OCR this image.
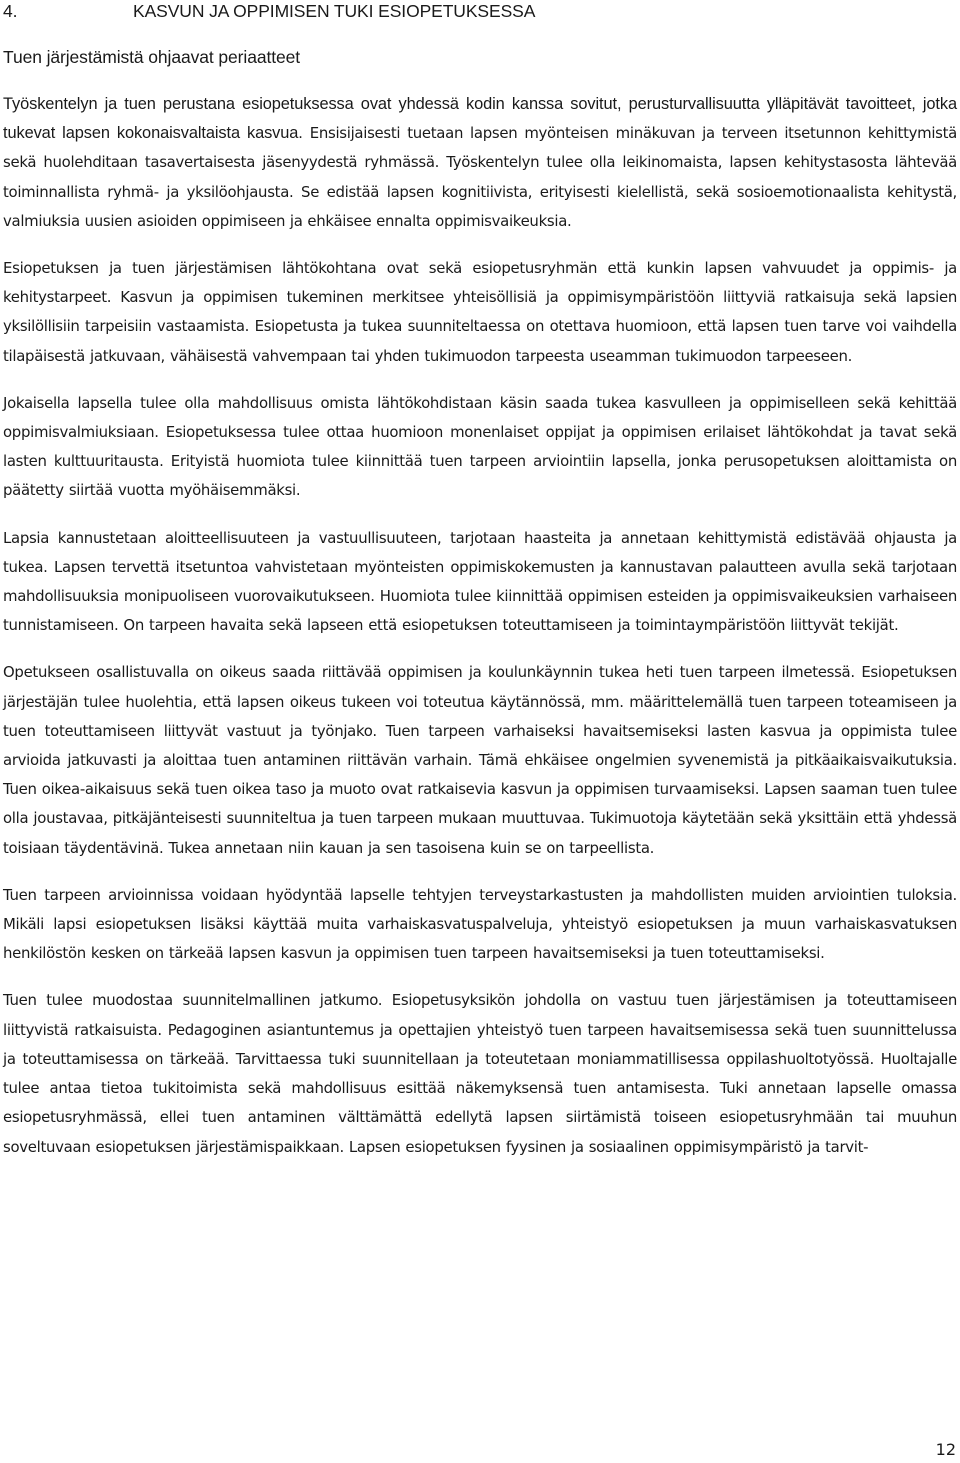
4.	KASVUN JA OPPIMISEN TUKI ESIOPETUKSESSA
Tuen järjestämistä ohjaavat periaatteet

Työskentelyn ja tuen perustana esiopetuksessa ovat yhdessä kodin kanssa sovitut, perusturvallisuutta ylläpitävät tavoitteet, jotka tukevat lapsen kokonaisvaltaista kasvua. Ensisijaisesti tuetaan lapsen myönteisen minäkuvan ja terveen itsetunnon kehittymistä sekä huolehditaan tasavertaisesta jäsenyydestä ryhmässä. Työskentelyn tulee olla leikinomaista, lapsen kehitystasosta lähtevää toiminnallista ryhmä- ja yksilöohjausta. Se edistää lapsen kognitiivista, erityisesti kielellistä, sekä sosioemotionaalista kehitystä, valmiuksia uusien asioiden oppimiseen ja ehkäisee ennalta oppimisvaikeuksia.

Esiopetuksen ja tuen järjestämisen lähtökohtana ovat sekä esiopetusryhmän että kunkin lapsen vahvuudet ja oppimis- ja kehitystarpeet. Kasvun ja oppimisen tukeminen merkitsee yhteisöllisiä ja oppimisympäristöön liittyviä ratkaisuja sekä lapsien yksilöllisiin tarpeisiin vastaamista. Esiopetusta ja tukea suunniteltaessa on otettava huomioon, että lapsen tuen tarve voi vaihdella tilapäisestä jatkuvaan, vähäisestä vahvempaan tai yhden tukimuodon tarpeesta useamman tukimuodon tarpeeseen.

Jokaisella lapsella tulee olla mahdollisuus omista lähtökohdistaan käsin saada tukea kasvulleen ja oppimiselleen sekä kehittää oppimisvalmiuksiaan. Esiopetuksessa tulee ottaa huomioon monenlaiset oppijat ja oppimisen erilaiset lähtökohdat ja tavat sekä lasten kulttuuritausta. Erityistä huomiota tulee kiinnittää tuen tarpeen arviointiin lapsella, jonka perusopetuksen aloittamista on päätetty siirtää vuotta myöhäisemmäksi.

Lapsia kannustetaan aloitteellisuuteen ja vastuullisuuteen, tarjotaan haasteita ja annetaan kehittymistä edistävää ohjausta ja tukea. Lapsen tervettä itsetuntoa vahvistetaan myönteisten oppimiskokemusten ja kannustavan palautteen avulla sekä tarjotaan mahdollisuuksia monipuoliseen vuorovaikutukseen. Huomiota tulee kiinnittää oppimisen esteiden ja oppimisvaikeuksien varhaiseen tunnistamiseen. On tarpeen havaita sekä lapseen että esiopetuksen toteuttamiseen ja toimintaympäristöön liittyvät tekijät.

Opetukseen osallistuvalla on oikeus saada riittävää oppimisen ja koulunkäynnin tukea heti tuen tarpeen ilmetessä. Esiopetuksen järjestäjän tulee huolehtia, että lapsen oikeus tukeen voi toteutua käytännössä, mm. määrittelemällä tuen tarpeen toteamiseen ja tuen toteuttamiseen liittyvät vastuut ja työnjako. Tuen tarpeen varhaiseksi havaitsemiseksi lasten kasvua ja oppimista tulee arvioida jatkuvasti ja aloittaa tuen antaminen riittävän varhain. Tämä ehkäisee ongelmien syvenemistä ja pitkäaikaisvaikutuksia. Tuen oikea-aikaisuus sekä tuen oikea taso ja muoto ovat ratkaisevia kasvun ja oppimisen turvaamiseksi. Lapsen saaman tuen tulee olla joustavaa, pitkäjänteisesti suunniteltua ja tuen tarpeen mukaan muuttuvaa. Tukimuotoja käytetään sekä yksittäin että yhdessä toisiaan täydentävinä. Tukea annetaan niin kauan ja sen tasoisena kuin se on tarpeellista.

Tuen tarpeen arvioinnissa voidaan hyödyntää lapselle tehtyjen terveystarkastusten ja mahdollisten muiden arviointien tuloksia. Mikäli lapsi esiopetuksen lisäksi käyttää muita varhaiskasvatuspalveluja, yhteistyö esiopetuksen ja muun varhaiskasvatuksen henkilöstön kesken on tärkeää lapsen kasvun ja oppimisen tuen tarpeen havaitsemiseksi ja tuen toteuttamiseksi.

Tuen tulee muodostaa suunnitelmallinen jatkumo. Esiopetusyksikön johdolla on vastuu tuen järjestämisen ja toteuttamiseen liittyvistä ratkaisuista. Pedagoginen asiantuntemus ja opettajien yhteistyö tuen tarpeen havaitsemisessa sekä tuen suunnittelussa ja toteuttamisessa on tärkeää. Tarvittaessa tuki suunnitellaan ja toteutetaan moniammatillisessa oppilashuoltotyössä. Huoltajalle tulee antaa tietoa tukitoimista sekä mahdollisuus esittää näkemyksensä tuen antamisesta. Tuki annetaan lapselle omassa esiopetusryhmässä, ellei tuen antaminen välttämättä edellytä lapsen siirtämistä toiseen esiopetusryhmään tai muuhun soveltuvaan esiopetuksen järjestämispaikkaan. Lapsen esiopetuksen fyysinen ja sosiaalinen oppimisympäristö ja tarvit-

12
